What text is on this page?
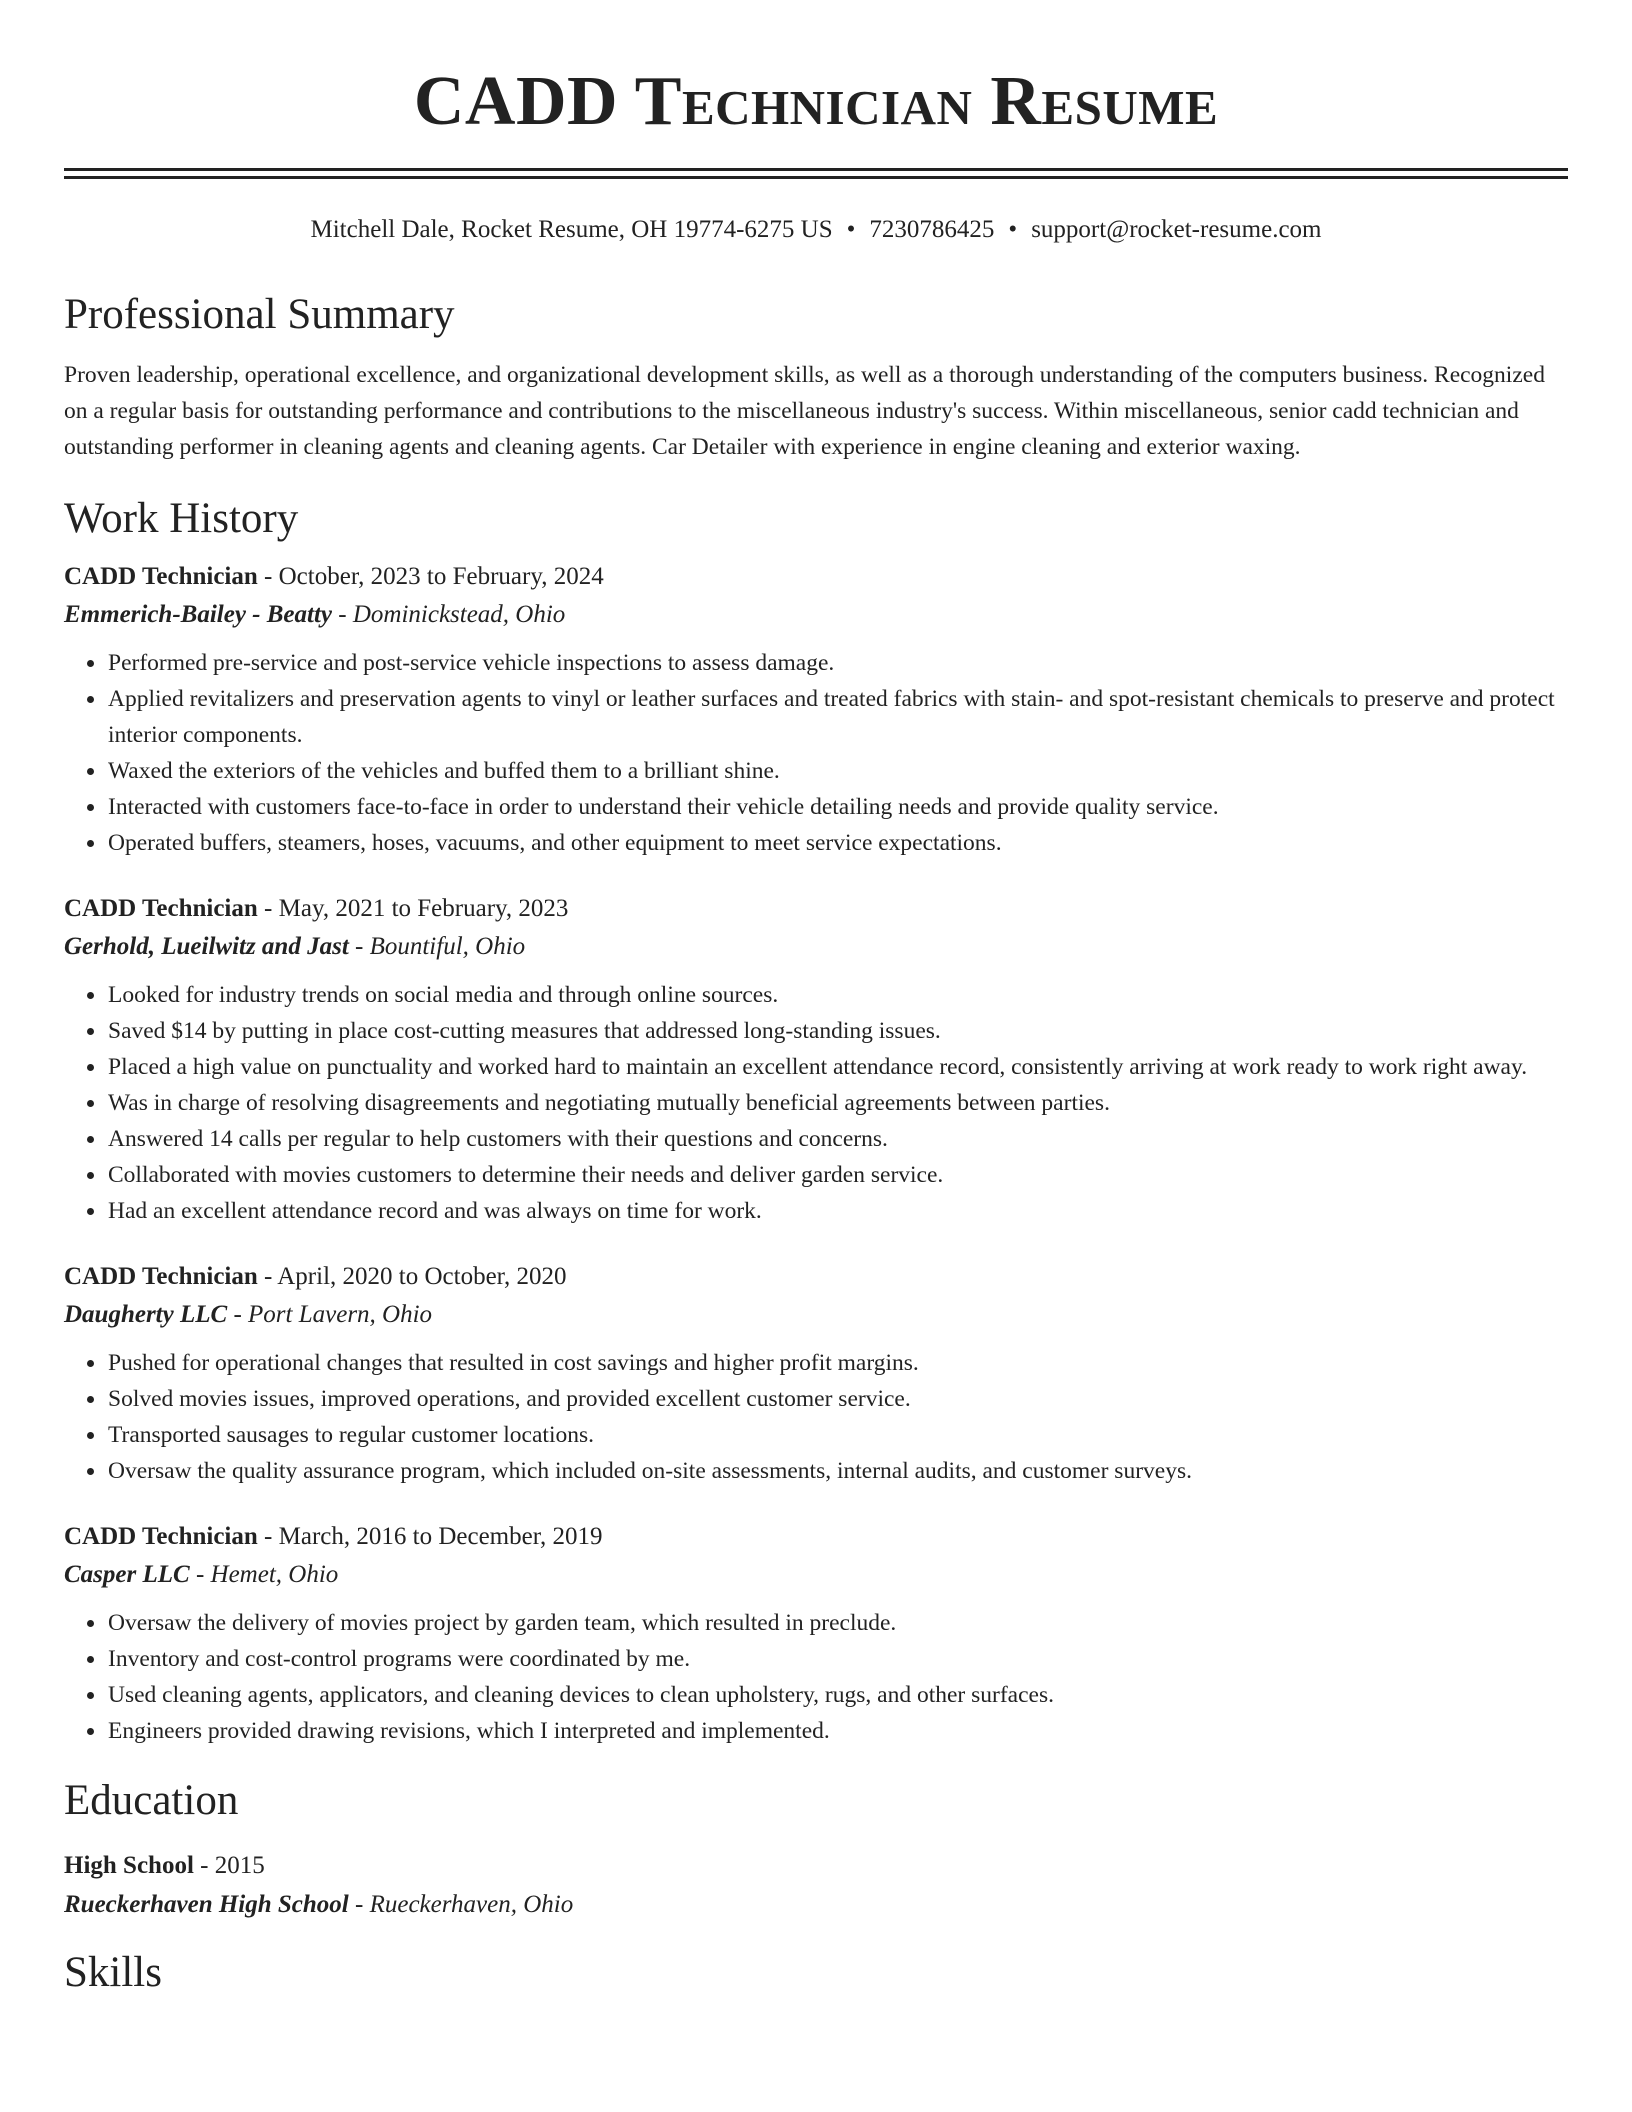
CADD Technician Resume
Mitchell Dale, Rocket Resume, OH 19774-6275 US • 7230786425 • support@rocket-resume.com
Professional Summary
Proven leadership, operational excellence, and organizational development skills, as well as a thorough understanding of the computers business. Recognized on a regular basis for outstanding performance and contributions to the miscellaneous industry's success. Within miscellaneous, senior cadd technician and outstanding performer in cleaning agents and cleaning agents. Car Detailer with experience in engine cleaning and exterior waxing.
Work History
CADD Technician - October, 2023 to February, 2024
Emmerich-Bailey - Beatty - Dominickstead, Ohio
• Performed pre-service and post-service vehicle inspections to assess damage.
• Applied revitalizers and preservation agents to vinyl or leather surfaces and treated fabrics with stain- and spot-resistant chemicals to preserve and protect interior components.
• Waxed the exteriors of the vehicles and buffed them to a brilliant shine.
• Interacted with customers face-to-face in order to understand their vehicle detailing needs and provide quality service.
• Operated buffers, steamers, hoses, vacuums, and other equipment to meet service expectations.
CADD Technician - May, 2021 to February, 2023
Gerhold, Lueilwitz and Jast - Bountiful, Ohio
• Looked for industry trends on social media and through online sources.
• Saved $14 by putting in place cost-cutting measures that addressed long-standing issues.
• Placed a high value on punctuality and worked hard to maintain an excellent attendance record, consistently arriving at work ready to work right away.
• Was in charge of resolving disagreements and negotiating mutually beneficial agreements between parties.
• Answered 14 calls per regular to help customers with their questions and concerns.
• Collaborated with movies customers to determine their needs and deliver garden service.
• Had an excellent attendance record and was always on time for work.
CADD Technician - April, 2020 to October, 2020
Daugherty LLC - Port Lavern, Ohio
• Pushed for operational changes that resulted in cost savings and higher profit margins.
• Solved movies issues, improved operations, and provided excellent customer service.
• Transported sausages to regular customer locations.
• Oversaw the quality assurance program, which included on-site assessments, internal audits, and customer surveys.
CADD Technician - March, 2016 to December, 2019
Casper LLC - Hemet, Ohio
• Oversaw the delivery of movies project by garden team, which resulted in preclude.
• Inventory and cost-control programs were coordinated by me.
• Used cleaning agents, applicators, and cleaning devices to clean upholstery, rugs, and other surfaces.
• Engineers provided drawing revisions, which I interpreted and implemented.
Education
High School - 2015
Rueckerhaven High School - Rueckerhaven, Ohio
Skills
